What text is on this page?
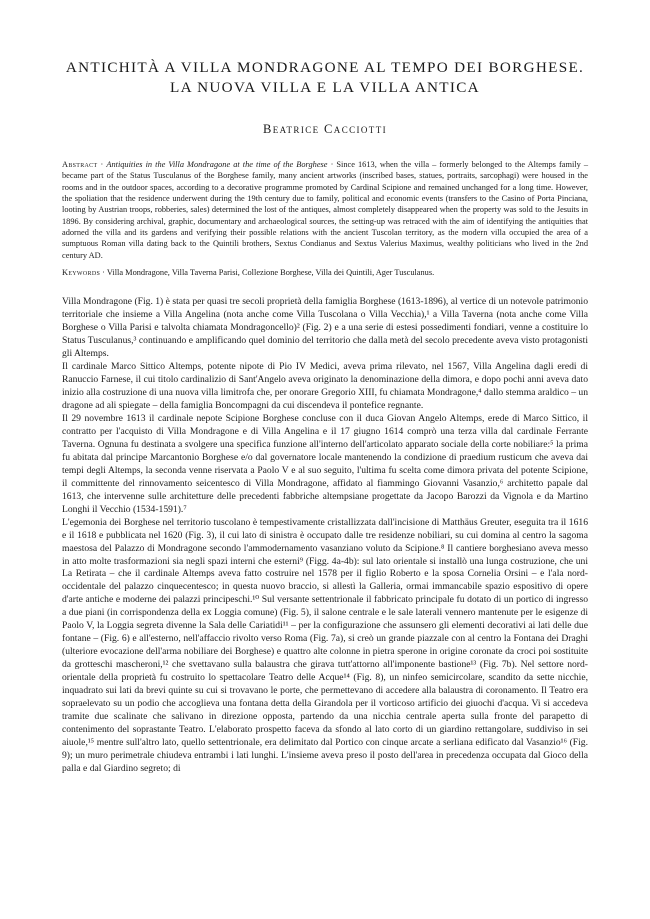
ANTICHITÀ A VILLA MONDRAGONE AL TEMPO DEI BORGHESE.
LA NUOVA VILLA E LA VILLA ANTICA
Beatrice Cacciotti
Abstract · Antiquities in the Villa Mondragone at the time of the Borghese · Since 1613, when the villa – formerly belonged to the Altemps family – became part of the Status Tusculanus of the Borghese family, many ancient artworks (inscribed bases, statues, portraits, sarcophagi) were housed in the rooms and in the outdoor spaces, according to a decorative programme promoted by Cardinal Scipione and remained unchanged for a long time. However, the spoliation that the residence underwent during the 19th century due to family, political and economic events (transfers to the Casino of Porta Pinciana, looting by Austrian troops, robberies, sales) determined the lost of the antiques, almost completely disappeared when the property was sold to the Jesuits in 1896. By considering archival, graphic, documentary and archaeological sources, the setting-up was retraced with the aim of identifying the antiquities that adorned the villa and its gardens and verifying their possible relations with the ancient Tuscolan territory, as the modern villa occupied the area of a sumptuous Roman villa dating back to the Quintili brothers, Sextus Condianus and Sextus Valerius Maximus, wealthy politicians who lived in the 2nd century AD.
Keywords · Villa Mondragone, Villa Taverna Parisi, Collezione Borghese, Villa dei Quintili, Ager Tusculanus.

Villa Mondragone (Fig. 1) è stata per quasi tre secoli proprietà della famiglia Borghese (1613-1896), al vertice di un notevole patrimonio territoriale che insieme a Villa Angelina (nota anche come Villa Tuscolana o Villa Vecchia),¹ a Villa Taverna (nota anche come Villa Borghese o Villa Parisi e talvolta chiamata Mondragoncello)² (Fig. 2) e a una serie di estesi possedimenti fondiari, venne a costituire lo Status Tusculanus,³ continuando e amplificando quel dominio del territorio che dalla metà del secolo precedente aveva visto protagonisti gli Altemps.

Il cardinale Marco Sittico Altemps, potente nipote di Pio IV Medici, aveva prima rilevato, nel 1567, Villa Angelina dagli eredi di Ranuccio Farnese, il cui titolo cardinalizio di Sant'Angelo aveva originato la denominazione della dimora, e dopo pochi anni aveva dato inizio alla costruzione di una nuova villa limitrofa che, per onorare Gregorio XIII, fu chiamata Mondragone,⁴ dallo stemma araldico – un dragone ad ali spiegate – della famiglia Boncompagni da cui discendeva il pontefice regnante.

Il 29 novembre 1613 il cardinale nepote Scipione Borghese concluse con il duca Giovan Angelo Altemps, erede di Marco Sittico, il contratto per l'acquisto di Villa Mondragone e di Villa Angelina e il 17 giugno 1614 comprò una terza villa dal cardinale Ferrante Taverna. Ognuna fu destinata a svolgere una specifica funzione all'interno dell'articolato apparato sociale della corte nobiliare:⁵ la prima fu abitata dal principe Marcantonio Borghese e/o dal governatore locale mantenendo la condizione di praedium rusticum che aveva dai tempi degli Altemps, la seconda venne riservata a Paolo V e al suo seguito, l'ultima fu scelta come dimora privata del potente Scipione, il committente del rinnovamento seicentesco di Villa Mondragone, affidato al fiammingo Giovanni Vasanzio,⁶ architetto papale dal 1613, che intervenne sulle architetture delle precedenti fabbriche altempsiane progettate da Jacopo Barozzi da Vignola e da Martino Longhi il Vecchio (1534-1591).⁷

L'egemonia dei Borghese nel territorio tuscolano è tempestivamente cristallizzata dall'incisione di Matthäus Greuter, eseguita tra il 1616 e il 1618 e pubblicata nel 1620 (Fig. 3), il cui lato di sinistra è occupato dalle tre residenze nobiliari, su cui domina al centro la sagoma maestosa del Palazzo di Mondragone secondo l'ammodernamento vasanziano voluto da Scipione.⁸ Il cantiere borghesiano aveva messo in atto molte trasformazioni sia negli spazi interni che esterni⁹ (Figg. 4a-4b): sul lato orientale si installò una lunga costruzione, che uni La Retirata – che il cardinale Altemps aveva fatto costruire nel 1578 per il figlio Roberto e la sposa Cornelia Orsini – e l'ala nord-occidentale del palazzo cinquecentesco; in questa nuovo braccio, si allestì la Galleria, ormai immancabile spazio espositivo di opere d'arte antiche e moderne dei palazzi principeschi.¹⁰ Sul versante settentrionale il fabbricato principale fu dotato di un portico di ingresso a due piani (in corrispondenza della ex Loggia comune) (Fig. 5), il salone centrale e le sale laterali vennero mantenute per le esigenze di Paolo V, la Loggia segreta divenne la Sala delle Cariatidi¹¹ – per la configurazione che assunsero gli elementi decorativi ai lati delle due fontane – (Fig. 6) e all'esterno, nell'affaccio rivolto verso Roma (Fig. 7a), si creò un grande piazzale con al centro la Fontana dei Draghi (ulteriore evocazione dell'arma nobiliare dei Borghese) e quattro alte colonne in pietra sperone in origine coronate da croci poi sostituite da grotteschi mascheroni,¹² che svettavano sulla balaustra che girava tutt'attorno all'imponente bastione¹³ (Fig. 7b). Nel settore nord-orientale della proprietà fu costruito lo spettacolare Teatro delle Acque¹⁴ (Fig. 8), un ninfeo semicircolare, scandito da sette nicchie, inquadrato sui lati da brevi quinte su cui si trovavano le porte, che permettevano di accedere alla balaustra di coronamento. Il Teatro era sopraelevato su un podio che accoglieva una fontana detta della Girandola per il vorticoso artificio dei giuochi d'acqua. Vi si accedeva tramite due scalinate che salivano in direzione opposta, partendo da una nicchia centrale aperta sulla fronte del parapetto di contenimento del soprastante Teatro. L'elaborato prospetto faceva da sfondo al lato corto di un giardino rettangolare, suddiviso in sei aiuole,¹⁵ mentre sull'altro lato, quello settentrionale, era delimitato dal Portico con cinque arcate a serliana edificato dal Vasanzio¹⁶ (Fig. 9); un muro perimetrale chiudeva entrambi i lati lunghi. L'insieme aveva preso il posto dell'area in precedenza occupata dal Gioco della palla e dal Giardino segreto; di
